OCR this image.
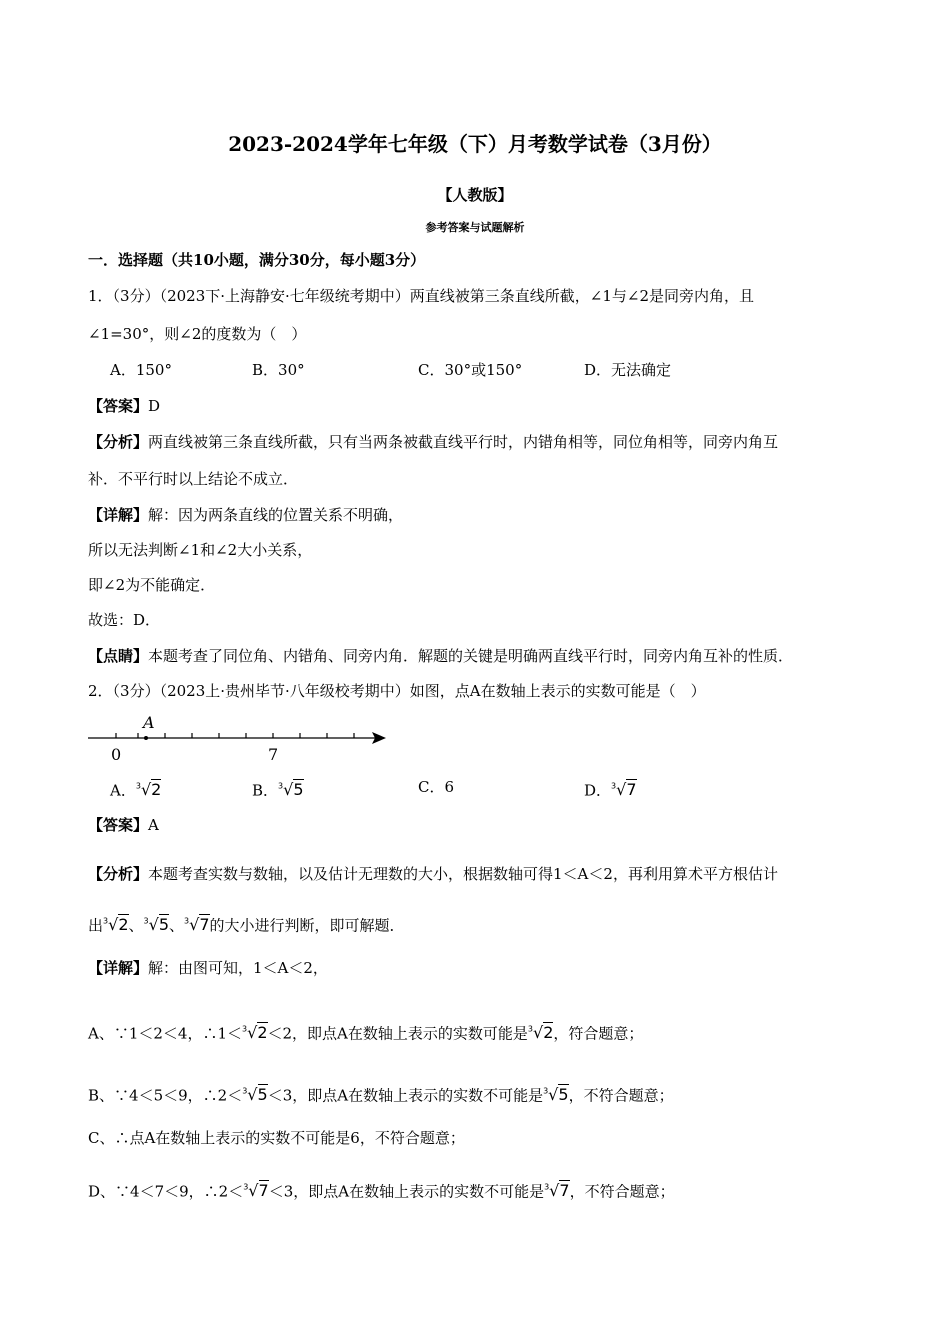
2023-2024学年七年级（下）月考数学试卷（3月份）
【人教版】
参考答案与试题解析
一．选择题（共10小题，满分30分，每小题3分）
1．（3分）（2023下·上海静安·七年级统考期中）两直线被第三条直线所截，∠1与∠2是同旁内角，且
∠1=30°，则∠2的度数为（　）
A．150°	B．30°	C．30°或150°	D．无法确定
【答案】D
【分析】两直线被第三条直线所截，只有当两条被截直线平行时，内错角相等，同位角相等，同旁内角互
补．不平行时以上结论不成立．
【详解】解：因为两条直线的位置关系不明确，
所以无法判断∠1和∠2大小关系，
即∠2为不能确定．
故选：D．
【点睛】本题考查了同位角、内错角、同旁内角．解题的关键是明确两直线平行时，同旁内角互补的性质．
2．（3分）（2023上·贵州毕节·八年级校考期中）如图，点A在数轴上表示的实数可能是（　）
A
0	7
A．$^3$√2	B．$^3$√5	C．6	D．$^3$√7
【答案】A
【分析】本题考查实数与数轴，以及估计无理数的大小，根据数轴可得1＜A＜2，再利用算术平方根估计
出$^3$√2、$^3$√5、$^3$√7的大小进行判断，即可解题．
【详解】解：由图可知，1＜A＜2，
A、∵1＜2＜4，∴1＜$^3$√2＜2，即点A在数轴上表示的实数可能是$^3$√2，符合题意；
B、∵4＜5＜9，∴2＜$^3$√5＜3，即点A在数轴上表示的实数不可能是$^3$√5，不符合题意；
C、∴点A在数轴上表示的实数不可能是6，不符合题意；
D、∵4＜7＜9，∴2＜$^3$√7＜3，即点A在数轴上表示的实数不可能是$^3$√7，不符合题意；
